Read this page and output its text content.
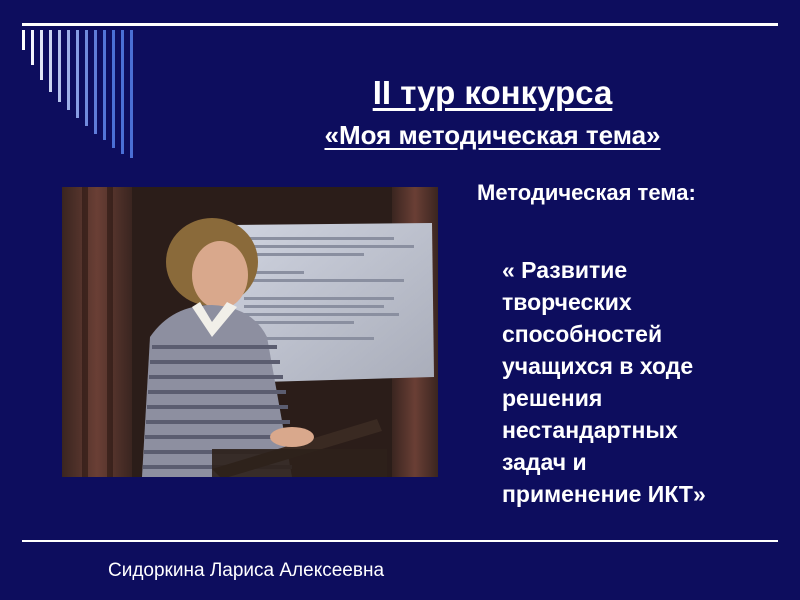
II тур конкурса
«Моя методическая тема»
Методическая тема:
« Развитие
творческих
способностей
учащихся в ходе
решения
нестандартных
задач и
применение ИКТ»
Сидоркина Лариса Алексеевна
